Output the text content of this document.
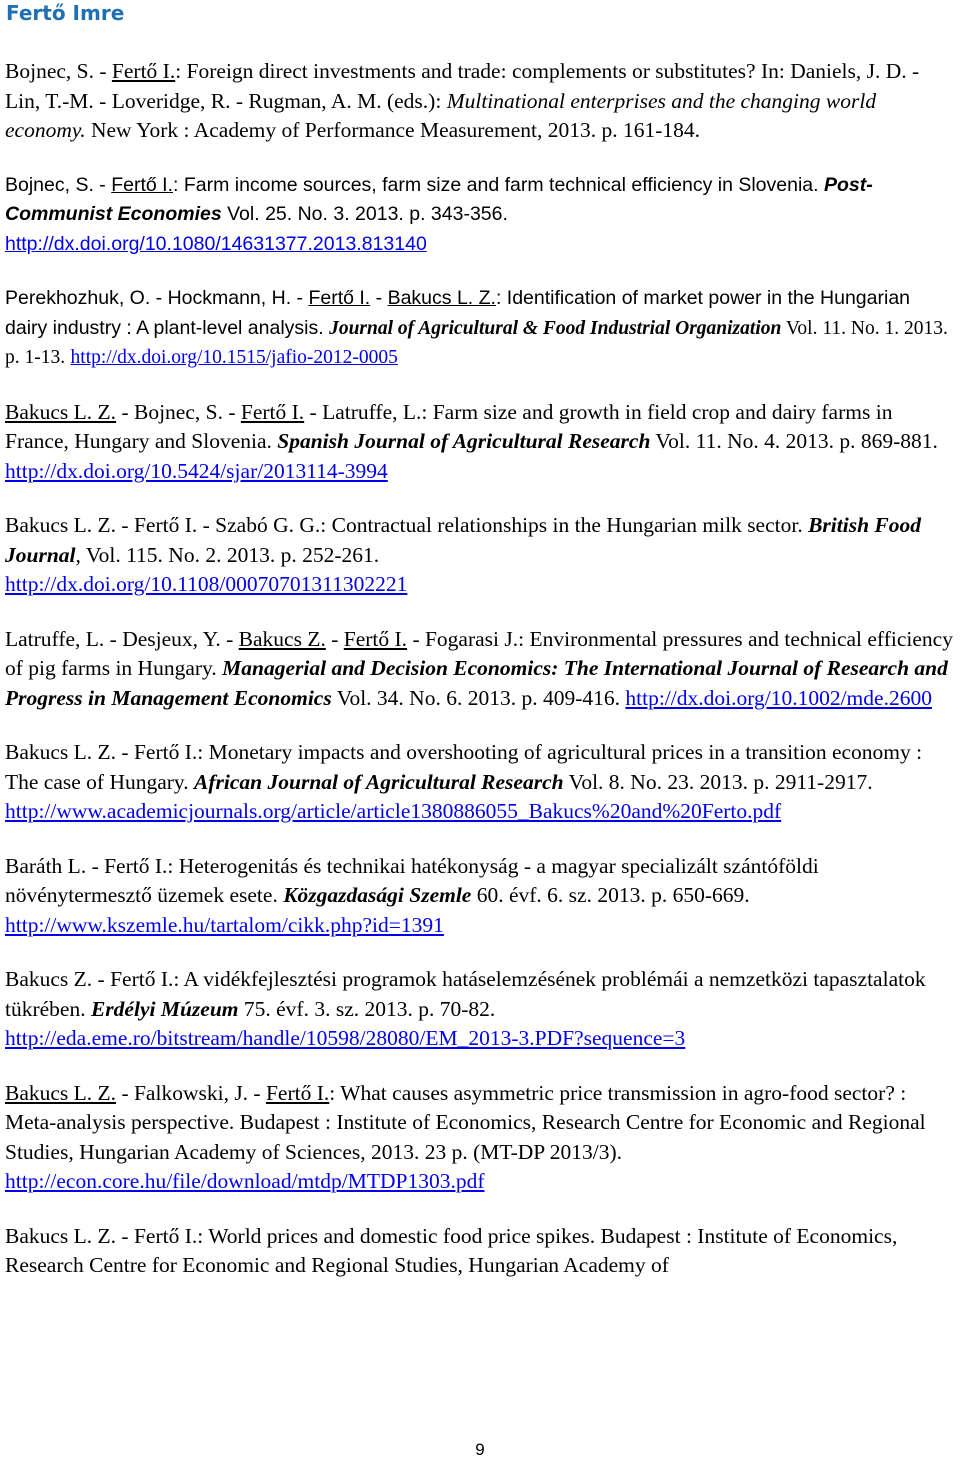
Fertő Imre

Bojnec, S. - Fertő I.: Foreign direct investments and trade: complements or substitutes? In: Daniels, J. D. - Lin, T.-M. - Loveridge, R. - Rugman, A. M. (eds.): Multinational enterprises and the changing world economy. New York : Academy of Performance Measurement, 2013. p. 161-184.

Bojnec, S. - Fertő I.: Farm income sources, farm size and farm technical efficiency in Slovenia. Post-Communist Economies Vol. 25. No. 3. 2013. p. 343-356.
http://dx.doi.org/10.1080/14631377.2013.813140

Perekhozhuk, O. - Hockmann, H. - Fertő I. - Bakucs L. Z.: Identification of market power in the Hungarian dairy industry : A plant-level analysis. Journal of Agricultural & Food Industrial Organization Vol. 11. No. 1. 2013. p. 1-13. http://dx.doi.org/10.1515/jafio-2012-0005

Bakucs L. Z. - Bojnec, S. - Fertő I. - Latruffe, L.: Farm size and growth in field crop and dairy farms in France, Hungary and Slovenia. Spanish Journal of Agricultural Research Vol. 11. No. 4. 2013. p. 869-881. http://dx.doi.org/10.5424/sjar/2013114-3994

Bakucs L. Z. - Fertő I. - Szabó G. G.: Contractual relationships in the Hungarian milk sector. British Food Journal, Vol. 115. No. 2. 2013. p. 252-261.
http://dx.doi.org/10.1108/00070701311302221

Latruffe, L. - Desjeux, Y. - Bakucs Z. - Fertő I. - Fogarasi J.: Environmental pressures and technical efficiency of pig farms in Hungary. Managerial and Decision Economics: The International Journal of Research and Progress in Management Economics Vol. 34. No. 6. 2013. p. 409-416. http://dx.doi.org/10.1002/mde.2600

Bakucs L. Z. - Fertő I.: Monetary impacts and overshooting of agricultural prices in a transition economy : The case of Hungary. African Journal of Agricultural Research Vol. 8. No. 23. 2013. p. 2911-2917.
http://www.academicjournals.org/article/article1380886055_Bakucs%20and%20Ferto.pdf

Baráth L. - Fertő I.: Heterogenitás és technikai hatékonyság - a magyar specializált szántóföldi növénytermesztő üzemek esete. Közgazdasági Szemle 60. évf. 6. sz. 2013. p. 650-669. http://www.kszemle.hu/tartalom/cikk.php?id=1391

Bakucs Z. - Fertő I.: A vidékfejlesztési programok hatáselemzésének problémái a nemzetközi tapasztalatok tükrében. Erdélyi Múzeum 75. évf. 3. sz. 2013. p. 70-82.
http://eda.eme.ro/bitstream/handle/10598/28080/EM_2013-3.PDF?sequence=3

Bakucs L. Z. - Falkowski, J. - Fertő I.: What causes asymmetric price transmission in agro-food sector? : Meta-analysis perspective. Budapest : Institute of Economics, Research Centre for Economic and Regional Studies, Hungarian Academy of Sciences, 2013. 23 p. (MT-DP 2013/3). http://econ.core.hu/file/download/mtdp/MTDP1303.pdf

Bakucs L. Z. - Fertő I.: World prices and domestic food price spikes. Budapest : Institute of Economics, Research Centre for Economic and Regional Studies, Hungarian Academy of

9
